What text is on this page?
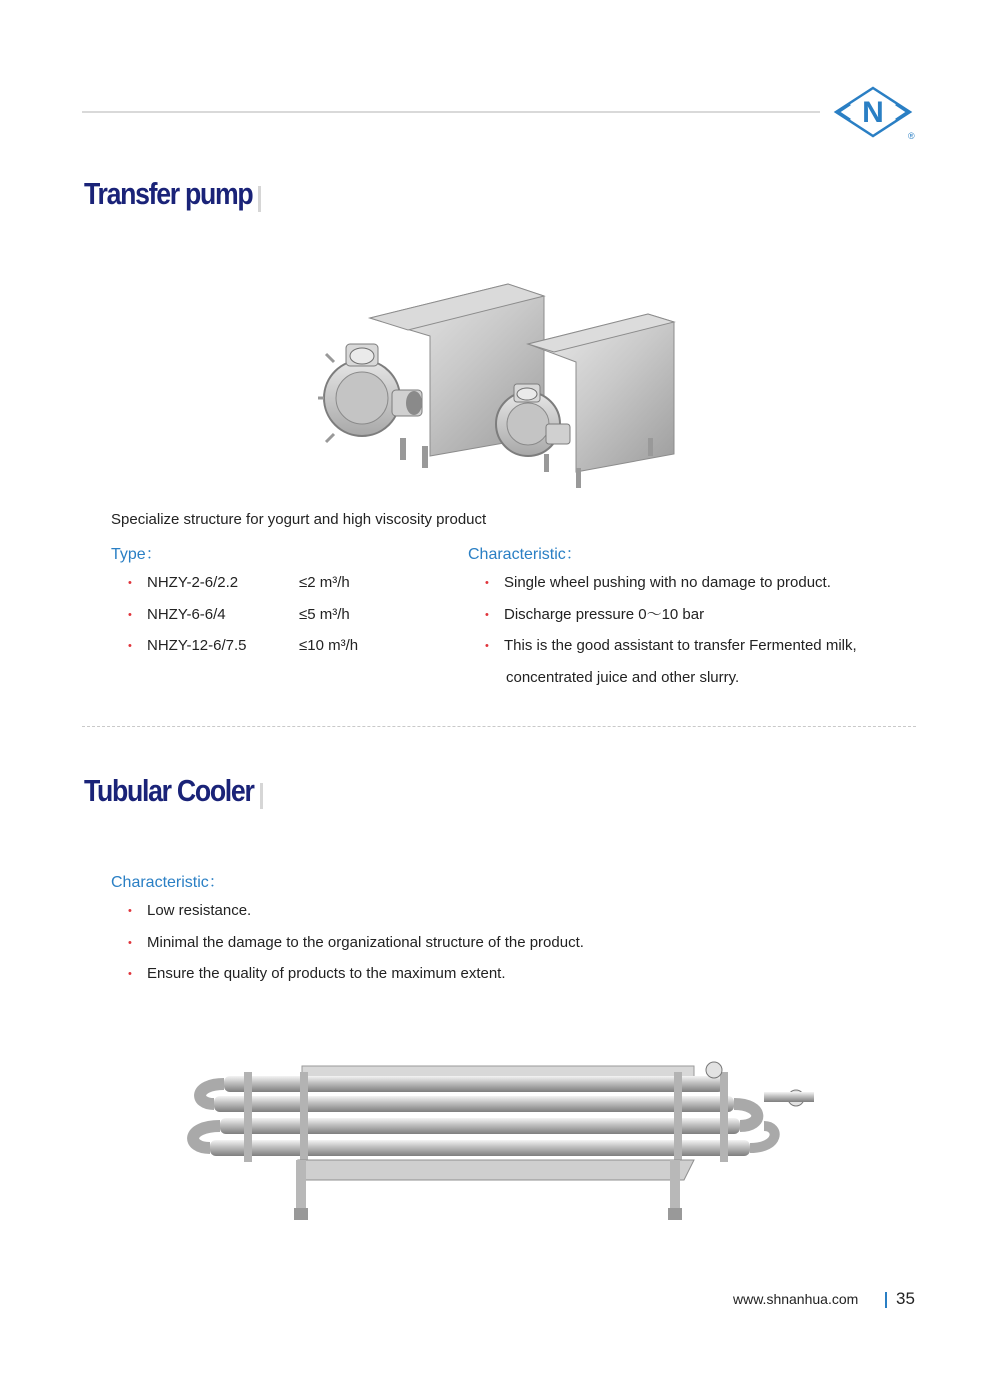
N
®
Transfer pump
Specialize structure for yogurt and high viscosity product
Type：
• NHZY-2-6/2.2	≤2 m³/h
• NHZY-6-6/4	≤5 m³/h
• NHZY-12-6/7.5	≤10 m³/h
Characteristic：
• Single wheel pushing with no damage to product.
• Discharge pressure 0～10 bar
• This is the good assistant to transfer Fermented milk,
concentrated juice and other slurry.
Tubular Cooler
Characteristic：
• Low resistance.
• Minimal the damage to the organizational structure of the product.
• Ensure the quality of products to the maximum extent.
www.shnanhua.com 35
